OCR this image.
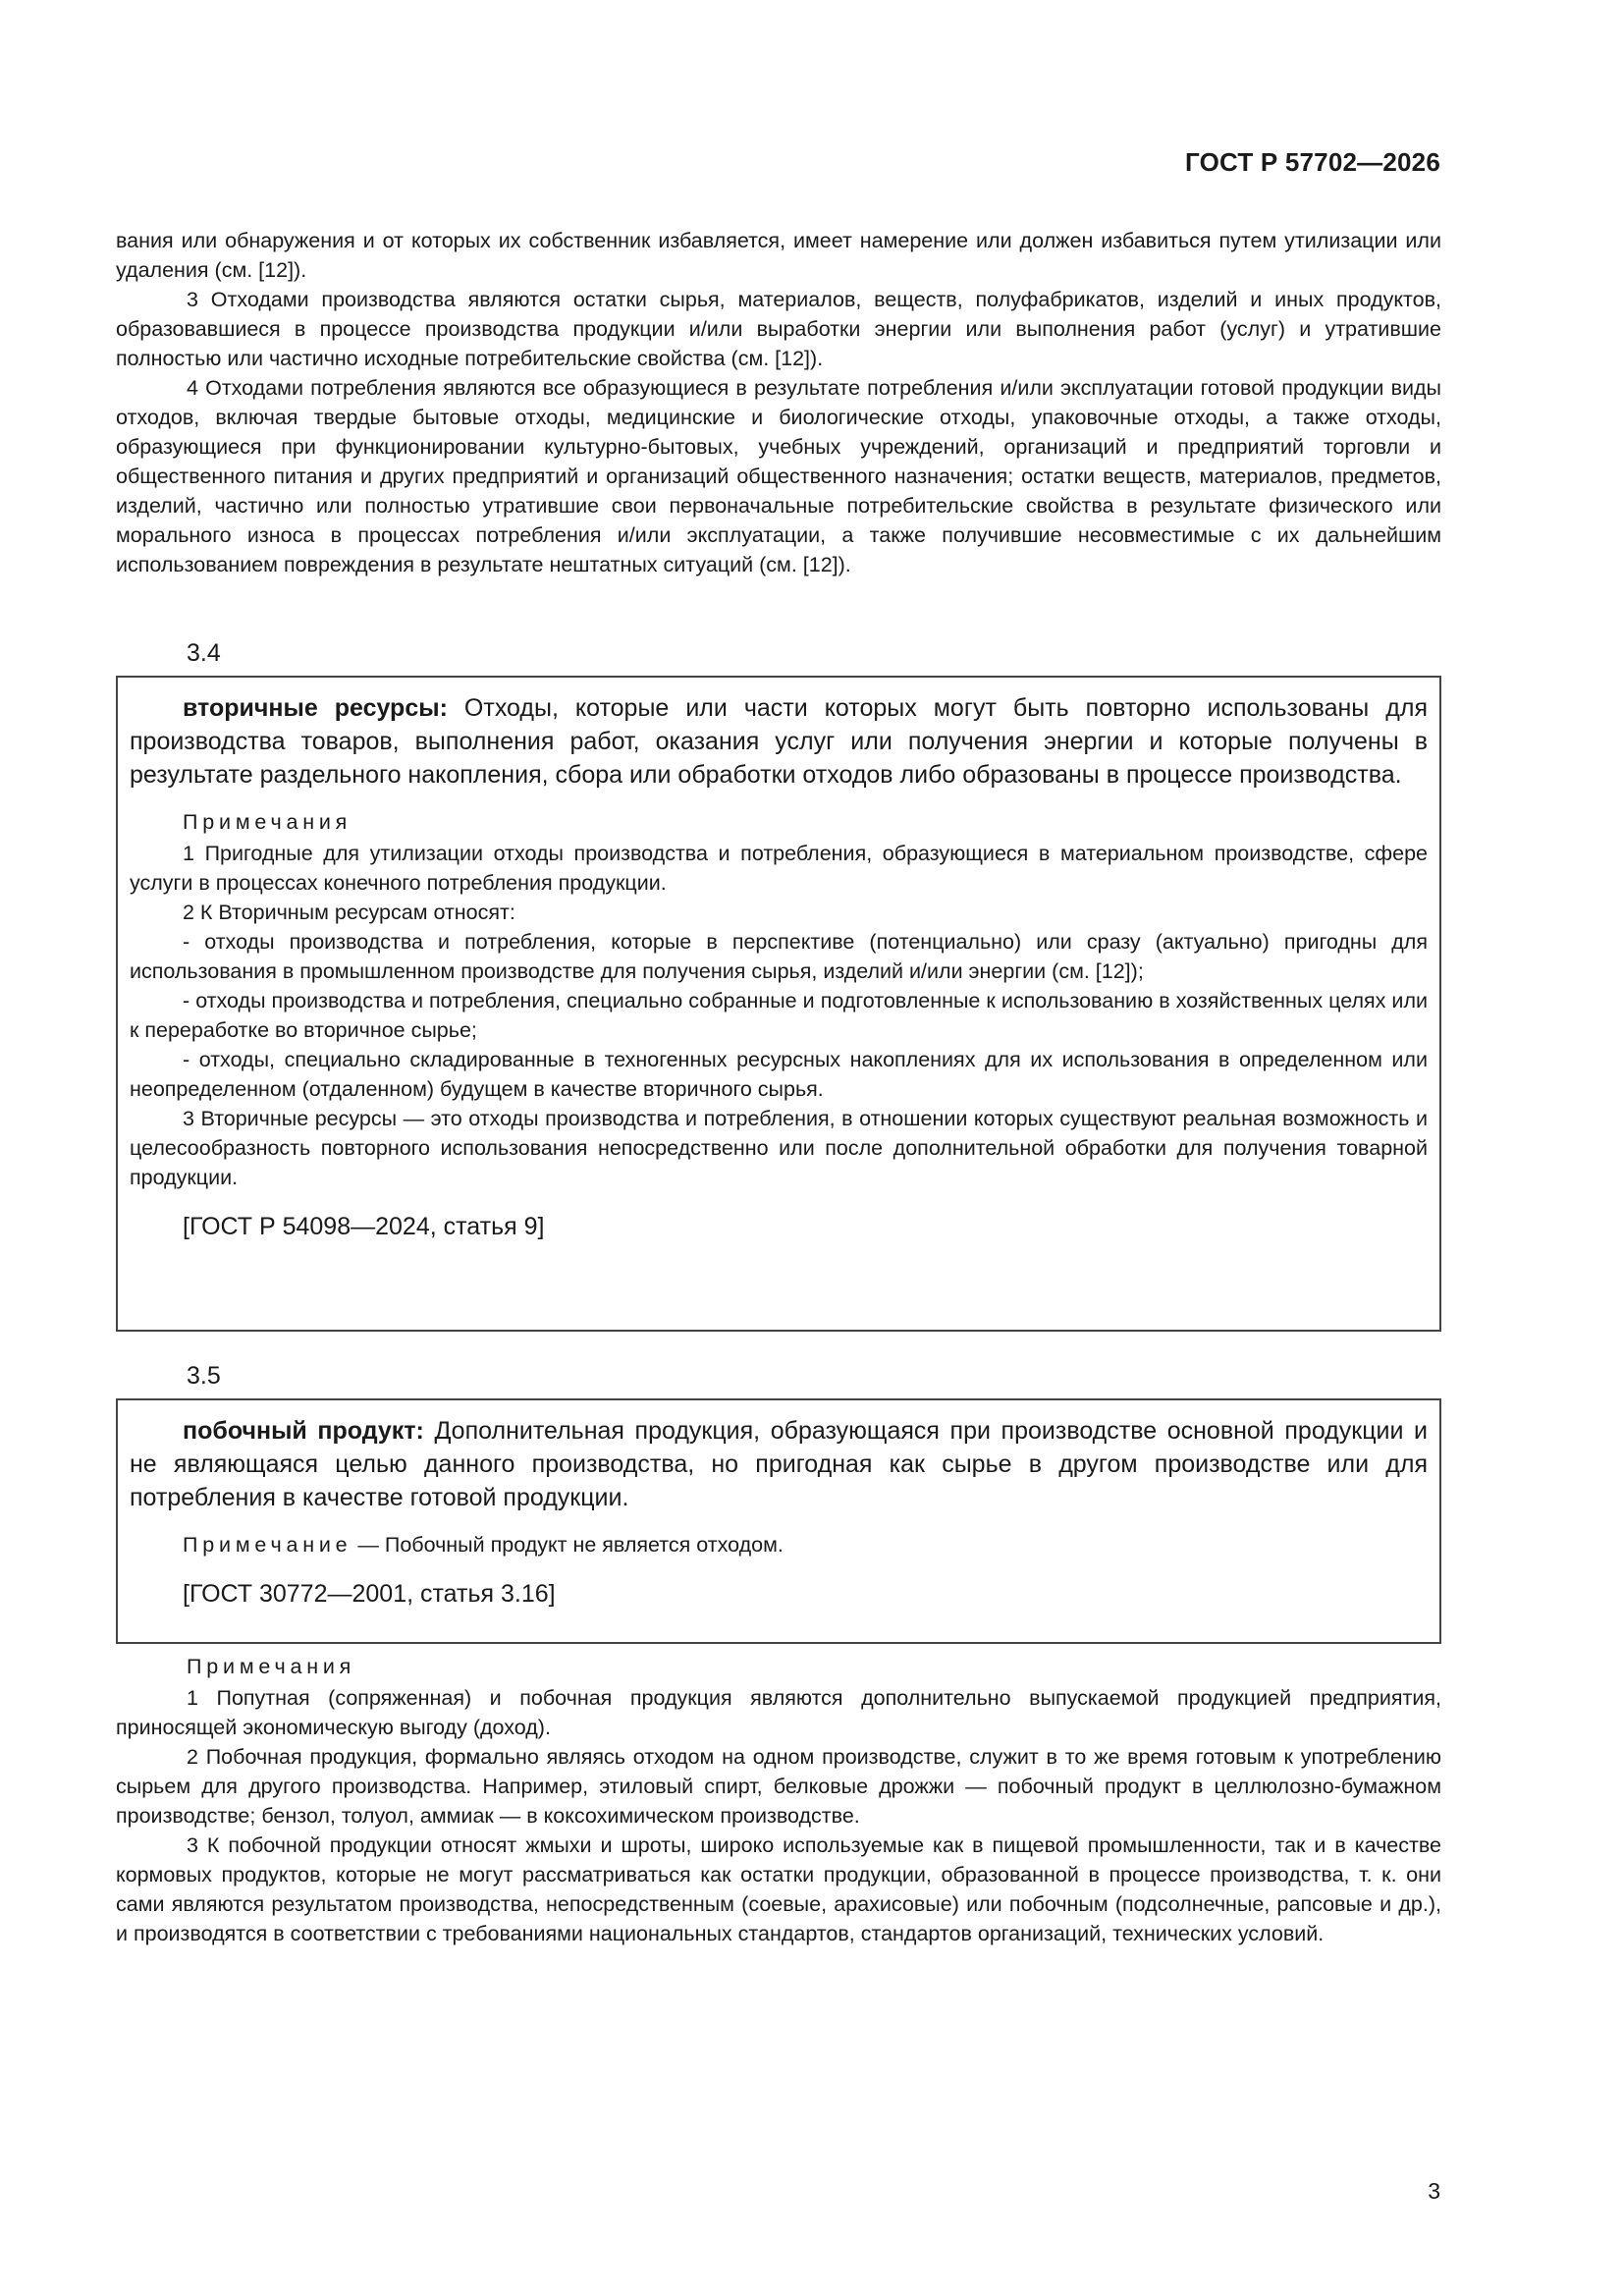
ГОСТ Р 57702—2026

вания или обнаружения и от которых их собственник избавляется, имеет намерение или должен избавиться путем утилизации или удаления (см. [12]).

3 Отходами производства являются остатки сырья, материалов, веществ, полуфабрикатов, изделий и иных продуктов, образовавшиеся в процессе производства продукции и/или выработки энергии или выполнения работ (услуг) и утратившие полностью или частично исходные потребительские свойства (см. [12]).

4 Отходами потребления являются все образующиеся в результате потребления и/или эксплуатации готовой продукции виды отходов, включая твердые бытовые отходы, медицинские и биологические отходы, упаковочные отходы, а также отходы, образующиеся при функционировании культурно-бытовых, учебных учреждений, организаций и предприятий торговли и общественного питания и других предприятий и организаций общественного назначения; остатки веществ, материалов, предметов, изделий, частично или полностью утратившие свои первоначальные потребительские свойства в результате физического или морального износа в процессах потребления и/или эксплуатации, а также получившие несовместимые с их дальнейшим использованием повреждения в результате нештатных ситуаций (см. [12]).

3.4

вторичные ресурсы: Отходы, которые или части которых могут быть повторно использованы для производства товаров, выполнения работ, оказания услуг или получения энергии и которые получены в результате раздельного накопления, сбора или обработки отходов либо образованы в процессе производства.

Примечания

1 Пригодные для утилизации отходы производства и потребления, образующиеся в материальном производстве, сфере услуги в процессах конечного потребления продукции.

2 К Вторичным ресурсам относят:

- отходы производства и потребления, которые в перспективе (потенциально) или сразу (актуально) пригодны для использования в промышленном производстве для получения сырья, изделий и/или энергии (см. [12]);

- отходы производства и потребления, специально собранные и подготовленные к использованию в хозяйственных целях или к переработке во вторичное сырье;

- отходы, специально складированные в техногенных ресурсных накоплениях для их использования в определенном или неопределенном (отдаленном) будущем в качестве вторичного сырья.

3 Вторичные ресурсы — это отходы производства и потребления, в отношении которых существуют реальная возможность и целесообразность повторного использования непосредственно или после дополнительной обработки для получения товарной продукции.

[ГОСТ Р 54098—2024, статья 9]
3.5

побочный продукт: Дополнительная продукция, образующаяся при производстве основной продукции и не являющаяся целью данного производства, но пригодная как сырье в другом производстве или для потребления в качестве готовой продукции.

Примечание — Побочный продукт не является отходом.
[ГОСТ 30772—2001, статья 3.16]
Примечания

1 Попутная (сопряженная) и побочная продукция являются дополнительно выпускаемой продукцией предприятия, приносящей экономическую выгоду (доход).

2 Побочная продукция, формально являясь отходом на одном производстве, служит в то же время готовым к употреблению сырьем для другого производства. Например, этиловый спирт, белковые дрожжи — побочный продукт в целлюлозно-бумажном производстве; бензол, толуол, аммиак — в коксохимическом производстве.

3 К побочной продукции относят жмыхи и шроты, широко используемые как в пищевой промышленности, так и в качестве кормовых продуктов, которые не могут рассматриваться как остатки продукции, образованной в процессе производства, т. к. они сами являются результатом производства, непосредственным (соевые, арахисовые) или побочным (подсолнечные, рапсовые и др.), и производятся в соответствии с требованиями национальных стандартов, стандартов организаций, технических условий.

3
